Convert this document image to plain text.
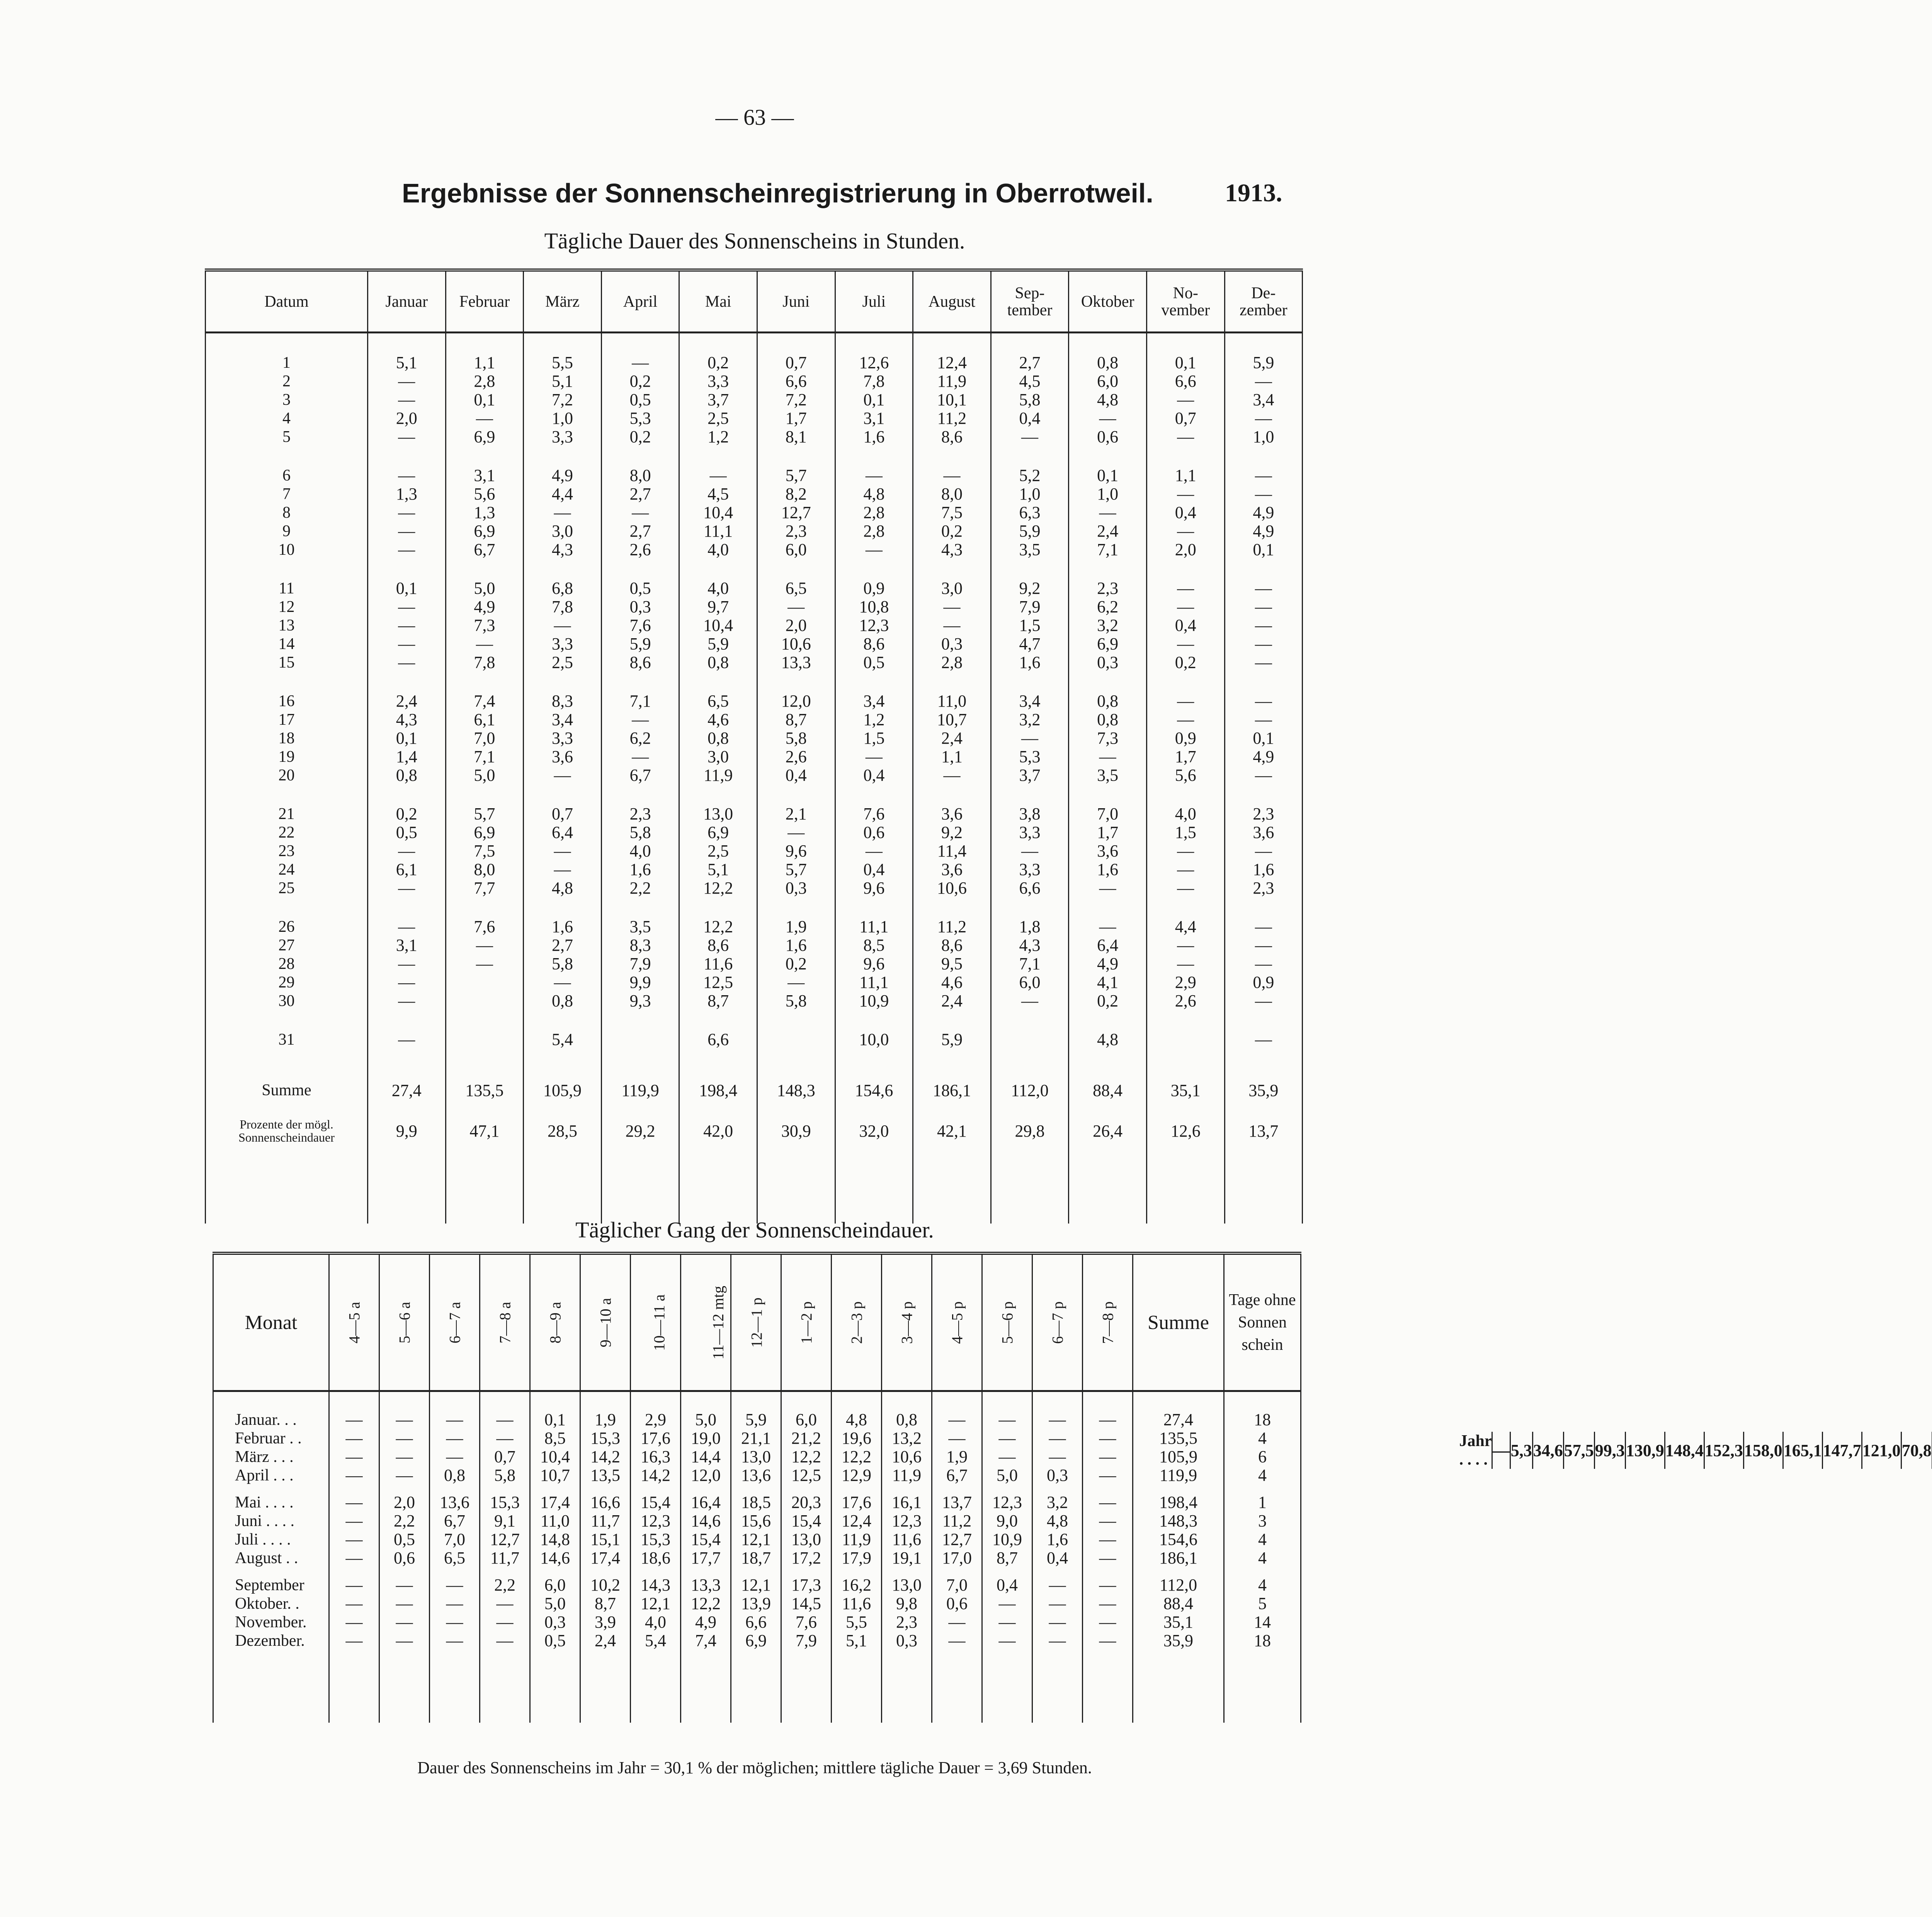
— 63 —
Ergebnisse der Sonnenscheinregistrierung in Oberrotweil.	1913.
Tägliche Dauer des Sonnenscheins in Stunden.
Datum	Januar	Februar	März	April	Mai	Juni	Juli	August	Sep-
tember	Oktober	No-
vember	De-
zember

1	5,1	1,1	5,5	—	0,2	0,7	12,6	12,4	2,7	0,8	0,1	5,9
2	—	2,8	5,1	0,2	3,3	6,6	7,8	11,9	4,5	6,0	6,6	—
3	—	0,1	7,2	0,5	3,7	7,2	0,1	10,1	5,8	4,8	—	3,4
4	2,0	—	1,0	5,3	2,5	1,7	3,1	11,2	0,4	—	0,7	—
5	—	6,9	3,3	0,2	1,2	8,1	1,6	8,6	—	0,6	—	1,0

6	—	3,1	4,9	8,0	—	5,7	—	—	5,2	0,1	1,1	—
7	1,3	5,6	4,4	2,7	4,5	8,2	4,8	8,0	1,0	1,0	—	—
8	—	1,3	—	—	10,4	12,7	2,8	7,5	6,3	—	0,4	4,9
9	—	6,9	3,0	2,7	11,1	2,3	2,8	0,2	5,9	2,4	—	4,9
10	—	6,7	4,3	2,6	4,0	6,0	—	4,3	3,5	7,1	2,0	0,1

11	0,1	5,0	6,8	0,5	4,0	6,5	0,9	3,0	9,2	2,3	—	—
12	—	4,9	7,8	0,3	9,7	—	10,8	—	7,9	6,2	—	—
13	—	7,3	—	7,6	10,4	2,0	12,3	—	1,5	3,2	0,4	—
14	—	—	3,3	5,9	5,9	10,6	8,6	0,3	4,7	6,9	—	—
15	—	7,8	2,5	8,6	0,8	13,3	0,5	2,8	1,6	0,3	0,2	—

16	2,4	7,4	8,3	7,1	6,5	12,0	3,4	11,0	3,4	0,8	—	—
17	4,3	6,1	3,4	—	4,6	8,7	1,2	10,7	3,2	0,8	—	—
18	0,1	7,0	3,3	6,2	0,8	5,8	1,5	2,4	—	7,3	0,9	0,1
19	1,4	7,1	3,6	—	3,0	2,6	—	1,1	5,3	—	1,7	4,9
20	0,8	5,0	—	6,7	11,9	0,4	0,4	—	3,7	3,5	5,6	—

21	0,2	5,7	0,7	2,3	13,0	2,1	7,6	3,6	3,8	7,0	4,0	2,3
22	0,5	6,9	6,4	5,8	6,9	—	0,6	9,2	3,3	1,7	1,5	3,6
23	—	7,5	—	4,0	2,5	9,6	—	11,4	—	3,6	—	—
24	6,1	8,0	—	1,6	5,1	5,7	0,4	3,6	3,3	1,6	—	1,6
25	—	7,7	4,8	2,2	12,2	0,3	9,6	10,6	6,6	—	—	2,3

26	—	7,6	1,6	3,5	12,2	1,9	11,1	11,2	1,8	—	4,4	—
27	3,1	—	2,7	8,3	8,6	1,6	8,5	8,6	4,3	6,4	—	—
28	—	—	5,8	7,9	11,6	0,2	9,6	9,5	7,1	4,9	—	—
29	—		—	9,9	12,5	—	11,1	4,6	6,0	4,1	2,9	0,9
30	—		0,8	9,3	8,7	5,8	10,9	2,4	—	0,2	2,6	—

31	—		5,4		6,6		10,0	5,9		4,8		—

Summe	27,4	135,5	105,9	119,9	198,4	148,3	154,6	186,1	112,0	88,4	35,1	35,9
Prozente der mögl. Sonnenscheindauer	9,9	47,1	28,5	29,2	42,0	30,9	32,0	42,1	29,8	26,4	12,6	13,7

Täglicher Gang der Sonnenscheindauer.
Monat	4—5 a	5—6 a	6—7 a	7—8 a	8—9 a	9—10 a	10—11 a	11—12 mtg	12—1 p	1—2 p	2—3 p	3—4 p	4—5 p	5—6 p	6—7 p	7—8 p	Summe	Tage ohne Sonnen schein

Januar. . .	—	—	—	—	0,1	1,9	2,9	5,0	5,9	6,0	4,8	0,8	—	—	—	—	27,4	18
Februar . .	—	—	—	—	8,5	15,3	17,6	19,0	21,1	21,2	19,6	13,2	—	—	—	—	135,5	4
März . . .	—	—	—	0,7	10,4	14,2	16,3	14,4	13,0	12,2	12,2	10,6	1,9	—	—	—	105,9	6
April . . .	—	—	0,8	5,8	10,7	13,5	14,2	12,0	13,6	12,5	12,9	11,9	6,7	5,0	0,3	—	119,9	4

Mai . . . .	—	2,0	13,6	15,3	17,4	16,6	15,4	16,4	18,5	20,3	17,6	16,1	13,7	12,3	3,2	—	198,4	1
Juni . . . .	—	2,2	6,7	9,1	11,0	11,7	12,3	14,6	15,6	15,4	12,4	12,3	11,2	9,0	4,8	—	148,3	3
Juli . . . .	—	0,5	7,0	12,7	14,8	15,1	15,3	15,4	12,1	13,0	11,9	11,6	12,7	10,9	1,6	—	154,6	4
August . .	—	0,6	6,5	11,7	14,6	17,4	18,6	17,7	18,7	17,2	17,9	19,1	17,0	8,7	0,4	—	186,1	4

September	—	—	—	2,2	6,0	10,2	14,3	13,3	12,1	17,3	16,2	13,0	7,0	0,4	—	—	112,0	4
Oktober. .	—	—	—	—	5,0	8,7	12,1	12,2	13,9	14,5	11,6	9,8	0,6	—	—	—	88,4	5
November.	—	—	—	—	0,3	3,9	4,0	4,9	6,6	7,6	5,5	2,3	—	—	—	—	35,1	14
Dezember.	—	—	—	—	0,5	2,4	5,4	7,4	6,9	7,9	5,1	0,3	—	—	—	—	35,9	18

Jahr . . . .	—	5,3	34,6	57,5	99,3	130,9	148,4	152,3	158,0	165,1	147,7	121,0	70,8					

Dauer des Sonnenscheins im Jahr = 30,1 % der möglichen; mittlere tägliche Dauer = 3,69 Stunden.
